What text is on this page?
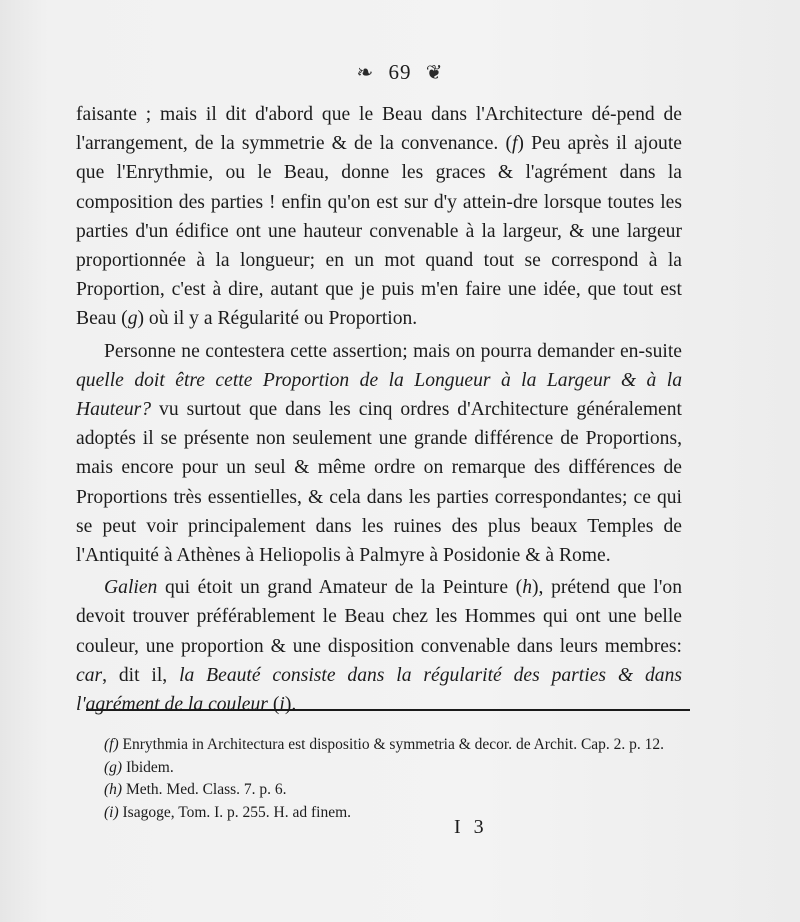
❧ 69 ❦

faisante ; mais il dit d'abord que le Beau dans l'Architecture dé-pend de l'arrangement, de la symmetrie & de la convenance. (f) Peu après il ajoute que l'Enrythmie, ou le Beau, donne les graces & l'agrément dans la composition des parties ! enfin qu'on est sur d'y attein-dre lorsque toutes les parties d'un édifice ont une hauteur convenable à la largeur, & une largeur proportionnée à la longueur; en un mot quand tout se correspond à la Proportion, c'est à dire, autant que je puis m'en faire une idée, que tout est Beau (g) où il y a Régularité ou Proportion.

Personne ne contestera cette assertion; mais on pourra demander en-suite quelle doit être cette Proportion de la Longueur à la Largeur & à la Hauteur? vu surtout que dans les cinq ordres d'Architecture généralement adoptés il se présente non seulement une grande différence de Proportions, mais encore pour un seul & même ordre on remarque des différences de Proportions très essentielles, & cela dans les parties correspondantes; ce qui se peut voir principalement dans les ruines des plus beaux Temples de l'Antiquité à Athènes à Heliopolis à Palmyre à Posidonie & à Rome.

Galien qui étoit un grand Amateur de la Peinture (h), prétend que l'on devoit trouver préférablement le Beau chez les Hommes qui ont une belle couleur, une proportion & une disposition convenable dans leurs membres: car, dit il, la Beauté consiste dans la régularité des parties & dans l'agrément de la couleur (i).

(f) Enrythmia in Architectura est dispositio & symmetria & decor. de Archit. Cap. 2. p. 12.

(g) Ibidem.

(h) Meth. Med. Class. 7. p. 6.

(i) Isagoge, Tom. I. p. 255. H. ad finem.

I 3
